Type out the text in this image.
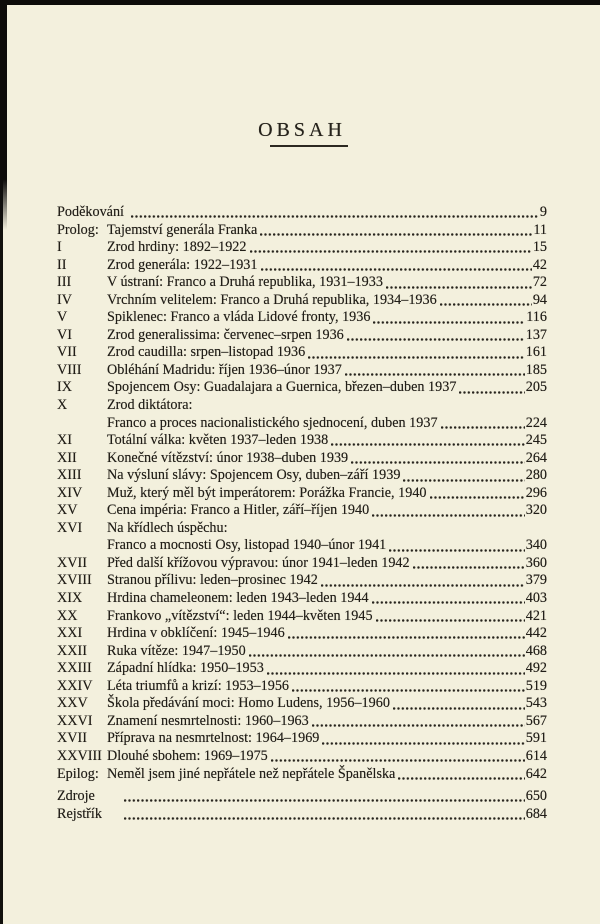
OBSAH
Poděkování	9
Prolog: Tajemství generála Franka	11
I	Zrod hrdiny: 1892–1922	15
II	Zrod generála: 1922–1931	42
III	V ústraní: Franco a Druhá republika, 1931–1933	72
IV	Vrchním velitelem: Franco a Druhá republika, 1934–1936	94
V	Spiklenec: Franco a vláda Lidové fronty, 1936	116
VI	Zrod generalissima: červenec–srpen 1936	137
VII	Zrod caudilla: srpen–listopad 1936	161
VIII	Obléhání Madridu: říjen 1936–únor 1937	185
IX	Spojencem Osy: Guadalajara a Guernica, březen–duben 1937	205
X	Zrod diktátora:
Franco a proces nacionalistického sjednocení, duben 1937	224
XI	Totální válka: květen 1937–leden 1938	245
XII	Konečné vítězství: únor 1938–duben 1939	264
XIII	Na výsluní slávy: Spojencem Osy, duben–září 1939	280
XIV	Muž, který měl být imperátorem: Porážka Francie, 1940	296
XV	Cena impéria: Franco a Hitler, září–říjen 1940	320
XVI	Na křídlech úspěchu:
Franco a mocnosti Osy, listopad 1940–únor 1941	340
XVII	Před další křížovou výpravou: únor 1941–leden 1942	360
XVIII	Stranou přílivu: leden–prosinec 1942	379
XIX	Hrdina chameleonem: leden 1943–leden 1944	403
XX	Frankovo „vítězství“: leden 1944–květen 1945	421
XXI	Hrdina v obklíčení: 1945–1946	442
XXII	Ruka vítěze: 1947–1950	468
XXIII	Západní hlídka: 1950–1953	492
XXIV	Léta triumfů a krizí: 1953–1956	519
XXV	Škola předávání moci: Homo Ludens, 1956–1960	543
XXVI	Znamení nesmrtelnosti: 1960–1963	567
XVII	Příprava na nesmrtelnost: 1964–1969	591
XXVIII Dlouhé sbohem: 1969–1975	614
Epilog: Neměl jsem jiné nepřátele než nepřátele Španělska	642
Zdroje	650
Rejstřík	684
